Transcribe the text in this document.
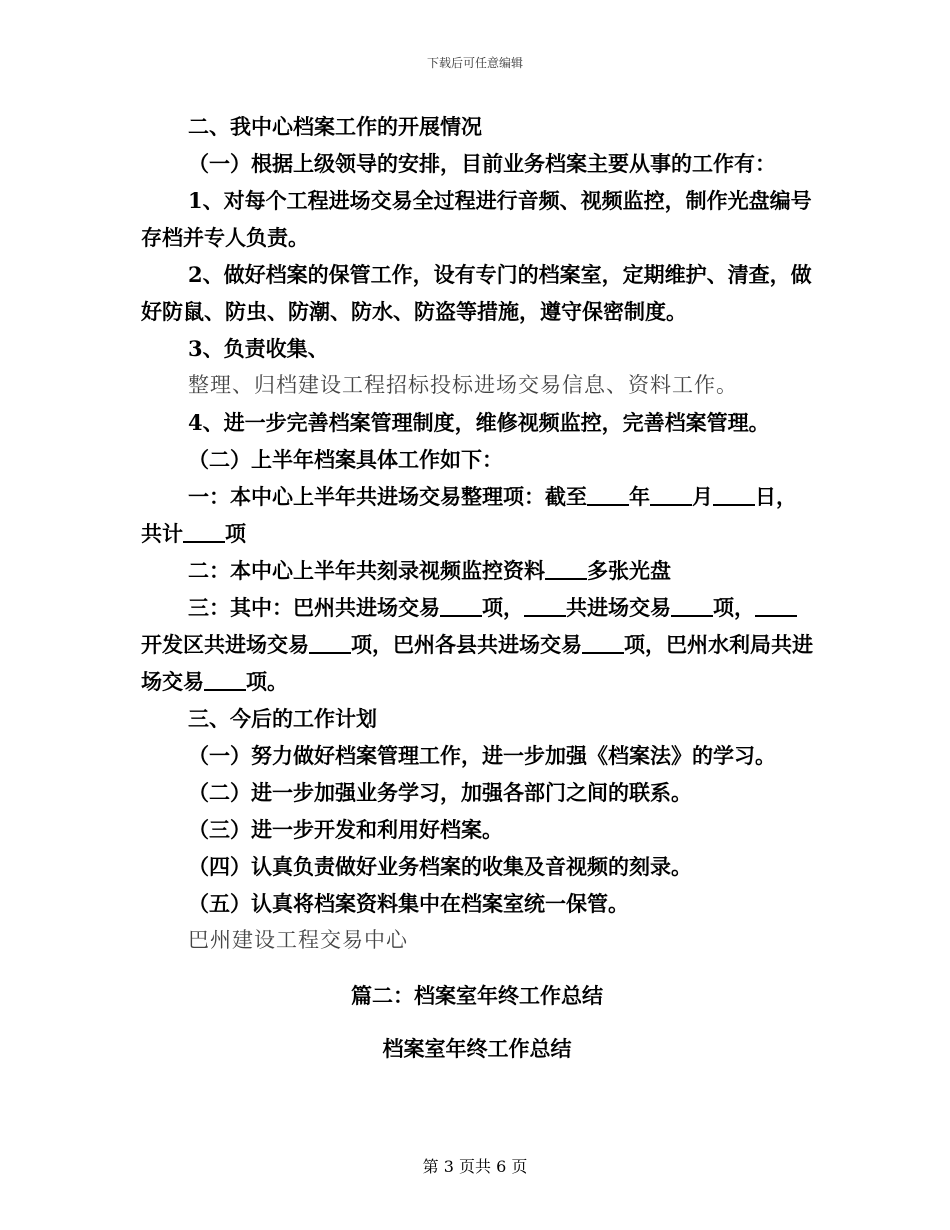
下载后可任意编辑

二、我中心档案工作的开展情况

（一）根据上级领导的安排，目前业务档案主要从事的工作有：

1、对每个工程进场交易全过程进行音频、视频监控，制作光盘编号存档并专人负责。

2、做好档案的保管工作，设有专门的档案室，定期维护、清查，做好防鼠、防虫、防潮、防水、防盗等措施，遵守保密制度。

3、负责收集、

整理、归档建设工程招标投标进场交易信息、资料工作。

4、进一步完善档案管理制度，维修视频监控，完善档案管理。

（二）上半年档案具体工作如下：

一：本中心上半年共进场交易整理项：截至 年 月 日，共计 项

二：本中心上半年共刻录视频监控资料 多张光盘

三：其中：巴州共进场交易 项， 共进场交易 项，开发区共进场交易 项，巴州各县共进场交易 项，巴州水利局共进场交易 项。

三、今后的工作计划

（一）努力做好档案管理工作，进一步加强《档案法》的学习。

（二）进一步加强业务学习，加强各部门之间的联系。

（三）进一步开发和利用好档案。

（四）认真负责做好业务档案的收集及音视频的刻录。

（五）认真将档案资料集中在档案室统一保管。

巴州建设工程交易中心

篇二：档案室年终工作总结

档案室年终工作总结

第 3 页共 6 页
